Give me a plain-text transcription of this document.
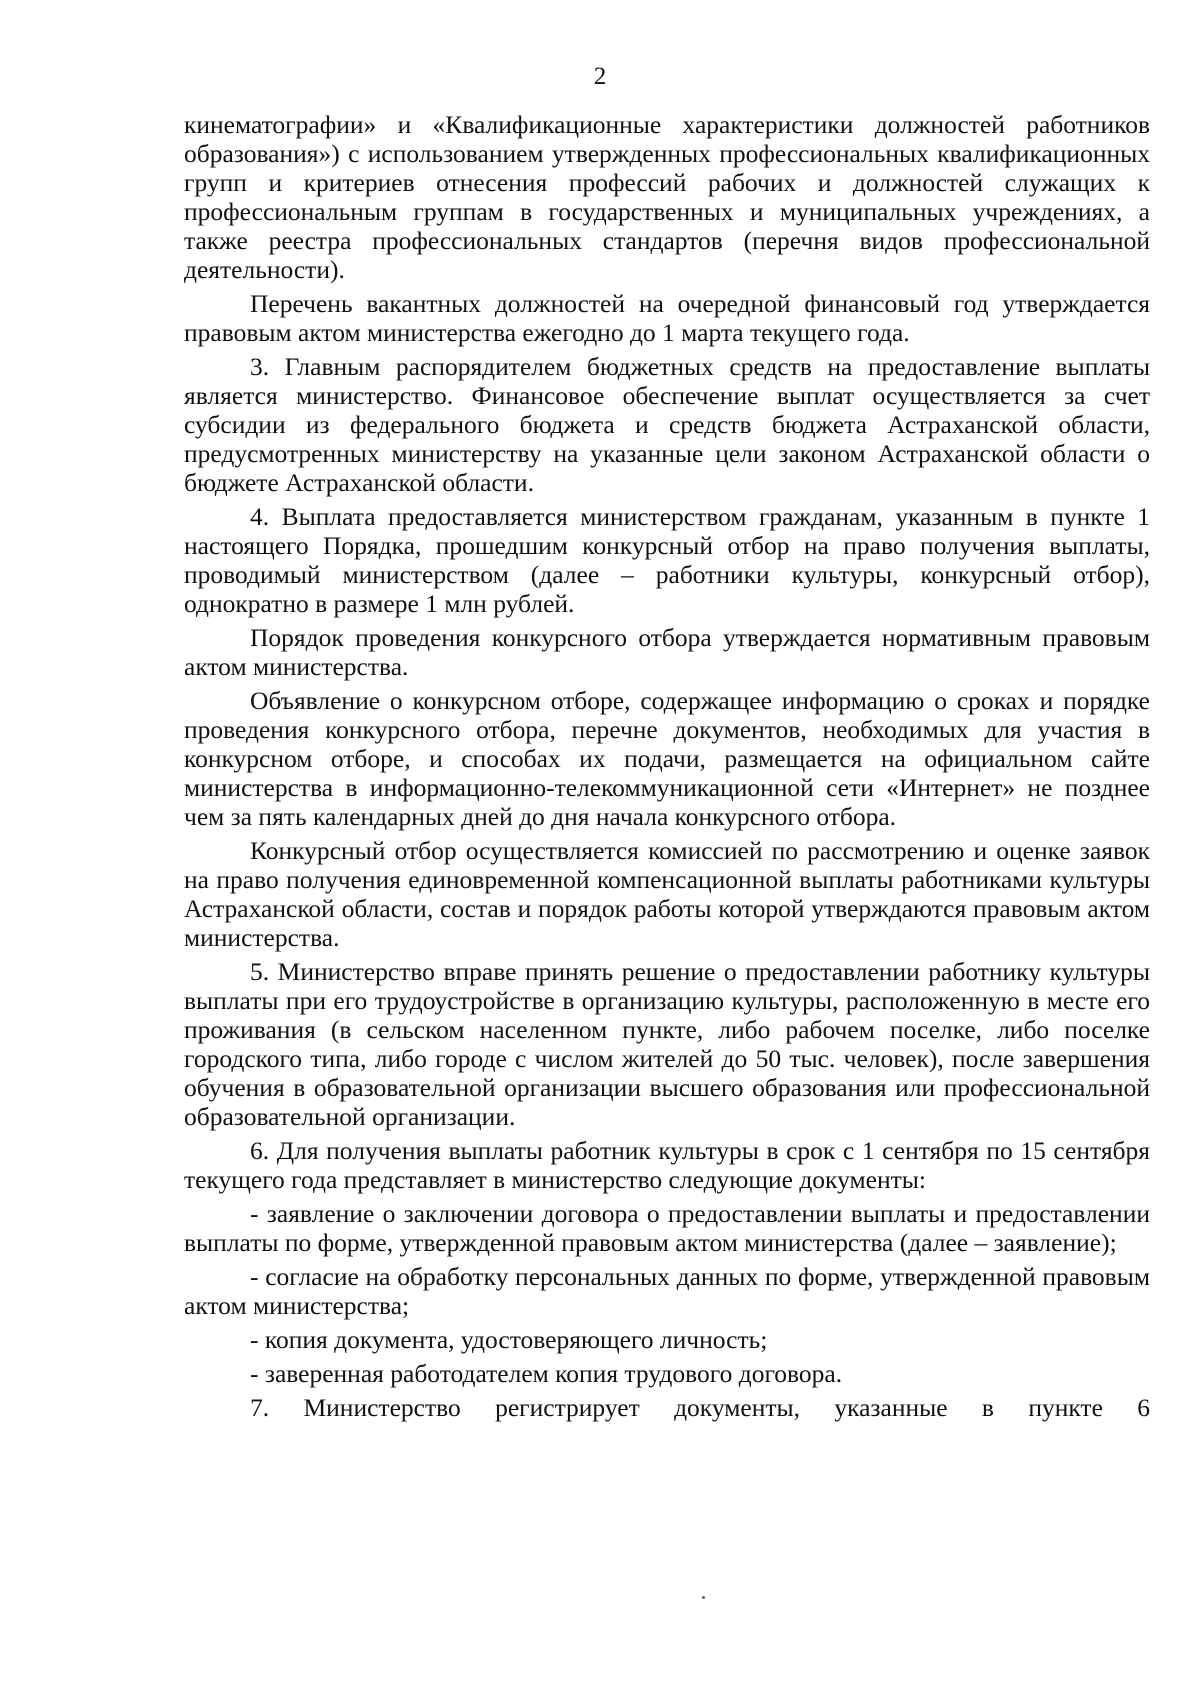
2

кинематографии» и «Квалификационные характеристики должностей работников образования») с использованием утвержденных профессиональных квалификационных групп и критериев отнесения профессий рабочих и должностей служащих к профессиональным группам в государственных и муниципальных учреждениях, а также реестра профессиональных стандартов (перечня видов профессиональной деятельности).

Перечень вакантных должностей на очередной финансовый год утверждается правовым актом министерства ежегодно до 1 марта текущего года.

3. Главным распорядителем бюджетных средств на предоставление выплаты является министерство. Финансовое обеспечение выплат осуществляется за счет субсидии из федерального бюджета и средств бюджета Астраханской области, предусмотренных министерству на указанные цели законом Астраханской области о бюджете Астраханской области.

4. Выплата предоставляется министерством гражданам, указанным в пункте 1 настоящего Порядка, прошедшим конкурсный отбор на право получения выплаты, проводимый министерством (далее – работники культуры, конкурсный отбор), однократно в размере 1 млн рублей.

Порядок проведения конкурсного отбора утверждается нормативным правовым актом министерства.

Объявление о конкурсном отборе, содержащее информацию о сроках и порядке проведения конкурсного отбора, перечне документов, необходимых для участия в конкурсном отборе, и способах их подачи, размещается на официальном сайте министерства в информационно-телекоммуникационной сети «Интернет» не позднее чем за пять календарных дней до дня начала конкурсного отбора.

Конкурсный отбор осуществляется комиссией по рассмотрению и оценке заявок на право получения единовременной компенсационной выплаты работниками культуры Астраханской области, состав и порядок работы которой утверждаются правовым актом министерства.

5. Министерство вправе принять решение о предоставлении работнику культуры выплаты при его трудоустройстве в организацию культуры, расположенную в месте его проживания (в сельском населенном пункте, либо рабочем поселке, либо поселке городского типа, либо городе с числом жителей до 50 тыс. человек), после завершения обучения в образовательной организации высшего образования или профессиональной образовательной организации.

6. Для получения выплаты работник культуры в срок с 1 сентября по 15 сентября текущего года представляет в министерство следующие документы:

- заявление о заключении договора о предоставлении выплаты и предоставлении выплаты по форме, утвержденной правовым актом министерства (далее – заявление);

- согласие на обработку персональных данных по форме, утвержденной правовым актом министерства;

- копия документа, удостоверяющего личность;

- заверенная работодателем копия трудового договора.

7. Министерство регистрирует документы, указанные в пункте 6
